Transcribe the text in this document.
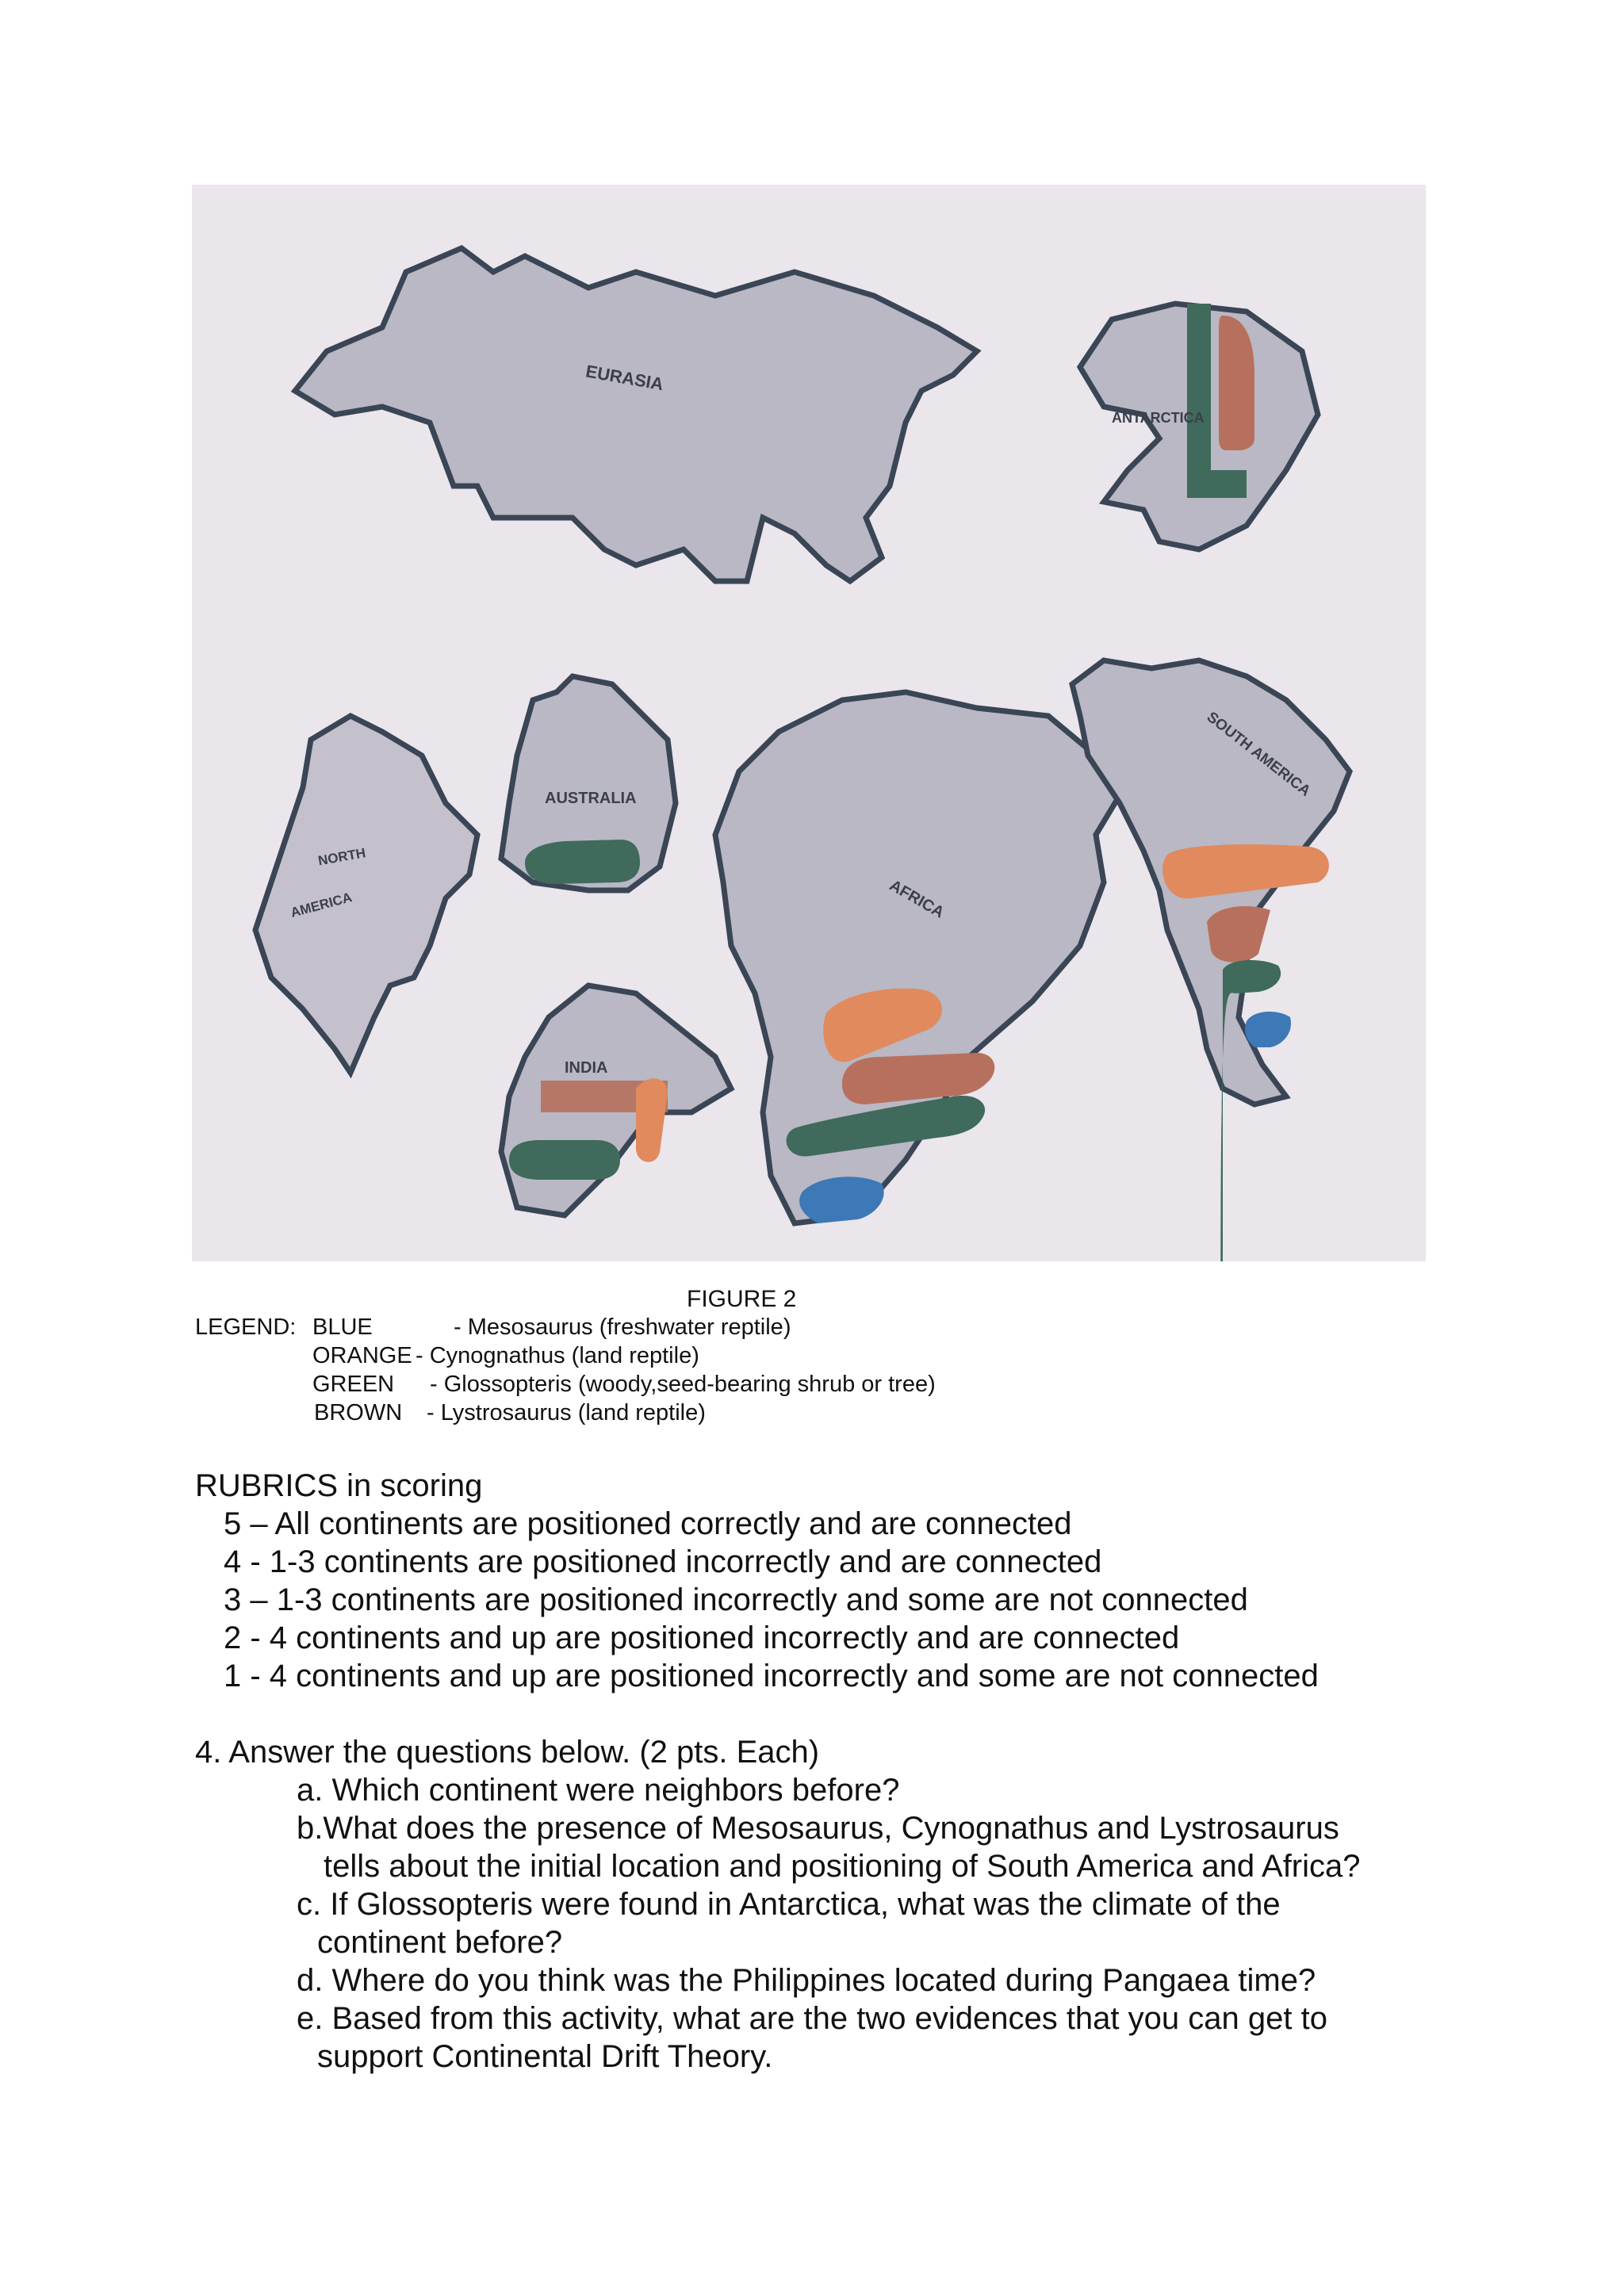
EURASIA
ANTARCTICA
NORTH
AMERICA
AUSTRALIA
INDIA
AFRICA
SOUTH AMERICA
FIGURE 2
LEGEND: BLUE	- Mesosaurus (freshwater reptile)
ORANGE - Cynognathus (land reptile)
GREEN - Glossopteris (woody,seed-bearing shrub or tree)
BROWN - Lystrosaurus (land reptile)
RUBRICS in scoring
5 – All continents are positioned correctly and are connected
4 - 1-3 continents are positioned incorrectly and are connected
3 – 1-3 continents are positioned incorrectly and some are not connected
2 - 4 continents and up are positioned incorrectly and are connected
1 - 4 continents and up are positioned incorrectly and some are not connected
4. Answer the questions below. (2 pts. Each)
a. Which continent were neighbors before?
b.What does the presence of Mesosaurus, Cynognathus and Lystrosaurus
tells about the initial location and positioning of South America and Africa?
c. If Glossopteris were found in Antarctica, what was the climate of the
continent before?
d. Where do you think was the Philippines located during Pangaea time?
e. Based from this activity, what are the two evidences that you can get to
support Continental Drift Theory.
